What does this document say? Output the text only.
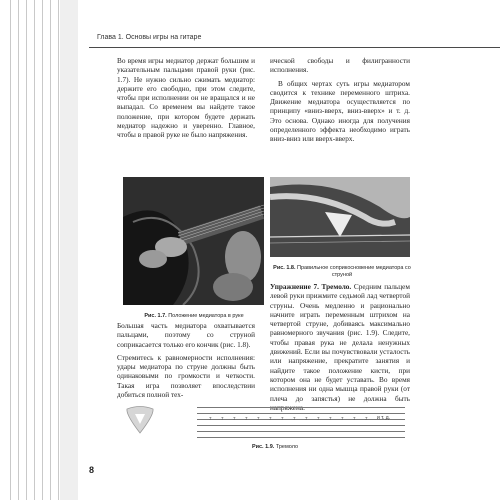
Глава 1. Основы игры на гитаре

Во время игры медиатор держат большим и указательным пальцами правой руки (рис. 1.7). Не нужно сильно сжимать медиатор: держите его свободно, при этом следите, чтобы при исполнении он не вращался и не выпадал. Со временем вы найдете такое положение, при котором будете держать медиатор надежно и уверенно. Главное, чтобы в правой руке не было напряжения.

ической свободы и филигранности исполнения.

В общих чертах суть игры медиатором сводится к технике переменного штриха. Движение медиатора осуществляется по принципу «вниз-вверх, вниз-вверх» и т. д. Это основа. Однако иногда для получения определенного эффекта необходимо играть вниз-вниз или вверх-вверх.

Рис. 1.7. Положение медиатора в руке
Рис. 1.8. Правильное соприкосновение медиатора со струной

Большая часть медиатора охватывается пальцами, поэтому со струной соприкасается только его кончик (рис. 1.8).

Стремитесь к равномерности исполнения: удары медиатора по струне должны быть одинаковыми по громкости и четкости. Такая игра позволяет впоследствии добиться полной тех-

Упражнение 7. Тремоло. Средним пальцем левой руки прижмите седьмой лад четвертой струны. Очень медленно и рационально начните играть переменным штрихом на четвертой струне, добиваясь максимально равномерного звучания (рис. 1.9). Следите, чтобы правая рука не делала ненужных движений. Если вы почувствовали усталость или напряжение, прекратите занятия и найдите такое положение кисти, при котором она не будет уставать. Во время исполнения ни одна мышца правой руки (от плеча до запястья) не должна быть

7 7 7 7 7 7 7 7 7 7 7 7 7 7 и т. д.
Рис. 1.9. Тремоло
8
